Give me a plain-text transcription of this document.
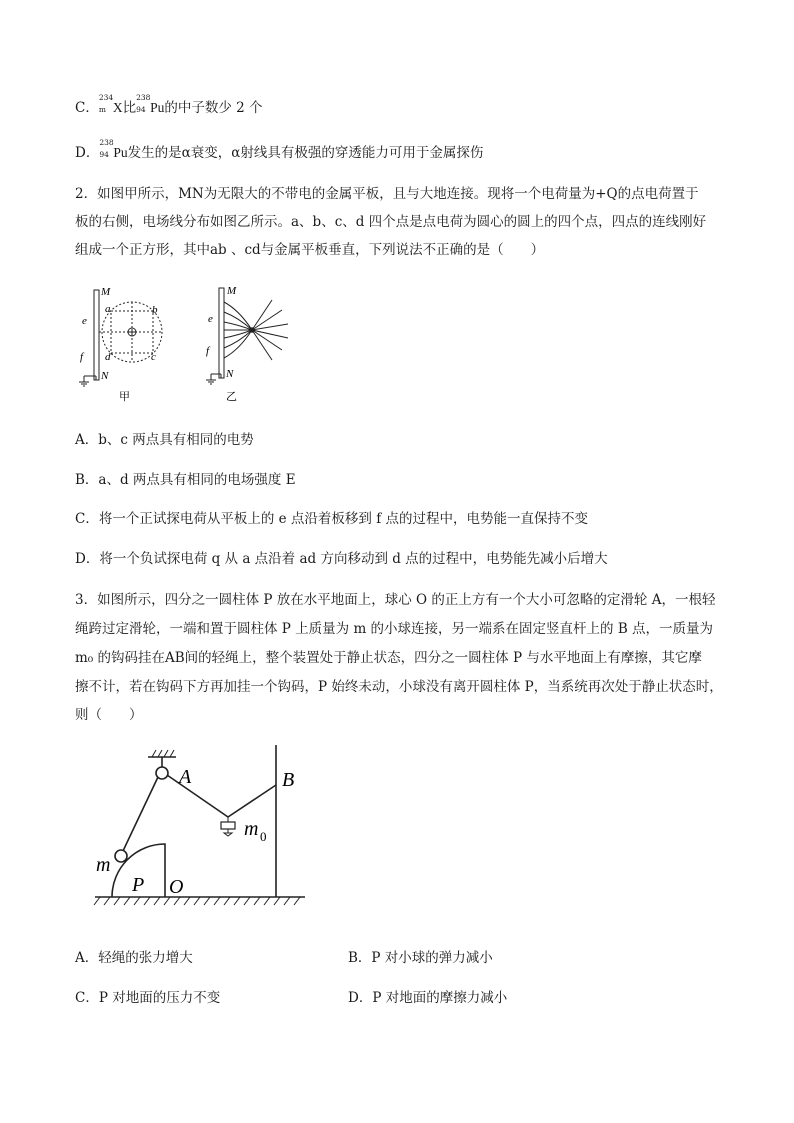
C．
234
m X比
238
94 Pu的中子数少 2 个
D．
238
94 Pu发生的是α衰变，α射线具有极强的穿透能力可用于金属探伤
2．如图甲所示，MN为无限大的不带电的金属平板，且与大地连接。现将一个电荷量为+Q的点电荷置于
板的右侧，电场线分布如图乙所示。a、b、c、d 四个点是点电荷为圆心的圆上的四个点，四点的连线刚好
组成一个正方形，其中ab 、cd与金属平板垂直，下列说法不正确的是（　　）
M
N
e
f
a	b
c
d
甲
M
N
e
f
乙
A．b、c 两点具有相同的电势
B．a、d 两点具有相同的电场强度 E
C．将一个正试探电荷从平板上的 e 点沿着板移到 f 点的过程中，电势能一直保持不变
D．将一个负试探电荷 q 从 a 点沿着 ad 方向移动到 d 点的过程中，电势能先减小后增大
3．如图所示，四分之一圆柱体 P 放在水平地面上，球心 O 的正上方有一个大小可忽略的定滑轮 A，一根轻
绳跨过定滑轮，一端和置于圆柱体 P 上质量为 m 的小球连接，另一端系在固定竖直杆上的 B 点，一质量为
m₀ 的钩码挂在AB间的轻绳上，整个装置处于静止状态，四分之一圆柱体 P 与水平地面上有摩擦，其它摩
擦不计，若在钩码下方再加挂一个钩码，P 始终未动，小球没有离开圆柱体 P，当系统再次处于静止状态时，
则（　　）
A	B
m
m 0
P O
A．轻绳的张力增大	B．P 对小球的弹力减小
C．P 对地面的压力不变	D．P 对地面的摩擦力减小
